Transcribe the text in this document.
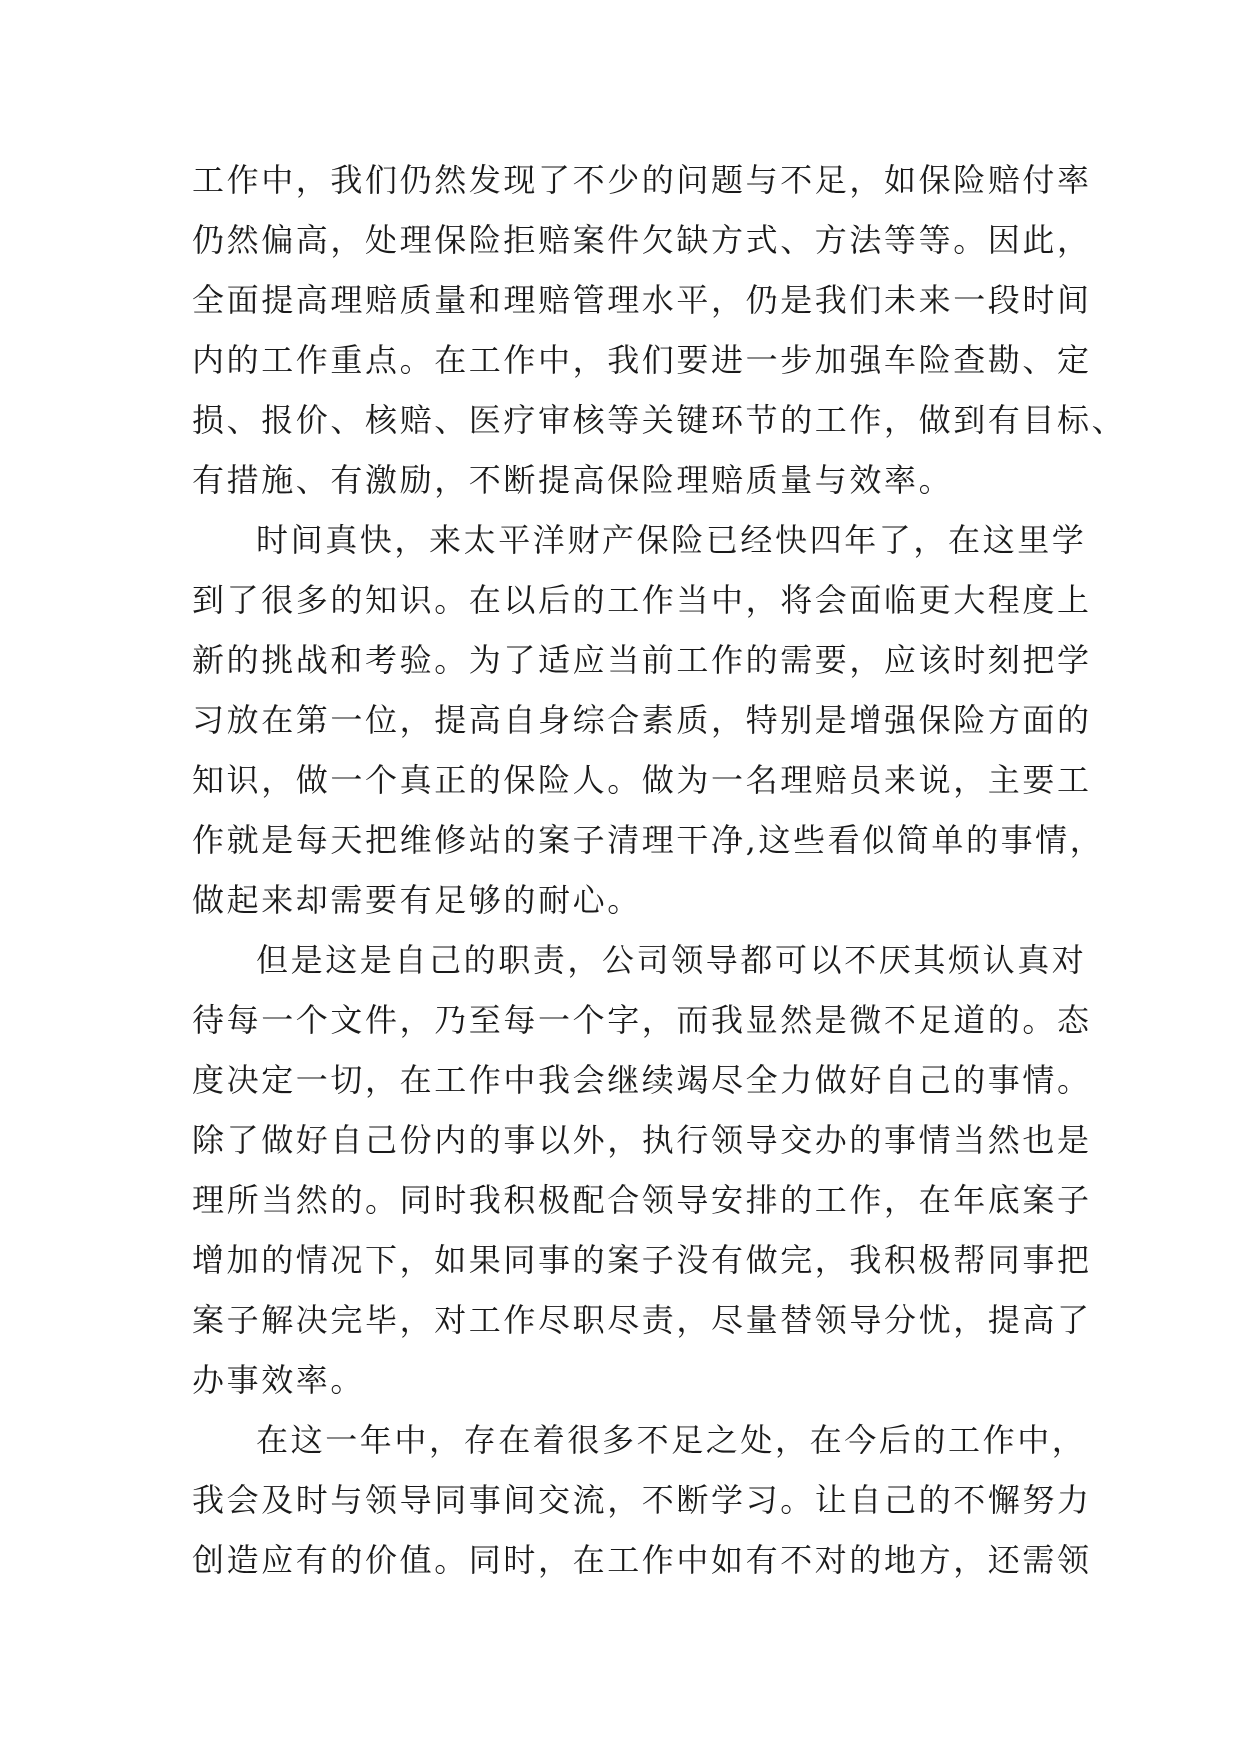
工作中，我们仍然发现了不少的问题与不足，如保险赔付率
仍然偏高，处理保险拒赔案件欠缺方式、方法等等。因此，
全面提高理赔质量和理赔管理水平，仍是我们未来一段时间
内的工作重点。在工作中，我们要进一步加强车险查勘、定
损、报价、核赔、医疗审核等关键环节的工作，做到有目标、
有措施、有激励，不断提高保险理赔质量与效率。
时间真快，来太平洋财产保险已经快四年了，在这里学
到了很多的知识。在以后的工作当中，将会面临更大程度上
新的挑战和考验。为了适应当前工作的需要，应该时刻把学
习放在第一位，提高自身综合素质，特别是增强保险方面的
知识，做一个真正的保险人。做为一名理赔员来说，主要工
作就是每天把维修站的案子清理干净,这些看似简单的事情，
做起来却需要有足够的耐心。
但是这是自己的职责，公司领导都可以不厌其烦认真对
待每一个文件，乃至每一个字，而我显然是微不足道的。态
度决定一切，在工作中我会继续竭尽全力做好自己的事情。
除了做好自己份内的事以外，执行领导交办的事情当然也是
理所当然的。同时我积极配合领导安排的工作，在年底案子
增加的情况下，如果同事的案子没有做完，我积极帮同事把
案子解决完毕，对工作尽职尽责，尽量替领导分忧，提高了
办事效率。
在这一年中，存在着很多不足之处，在今后的工作中，
我会及时与领导同事间交流，不断学习。让自己的不懈努力
创造应有的价值。同时，在工作中如有不对的地方，还需领
